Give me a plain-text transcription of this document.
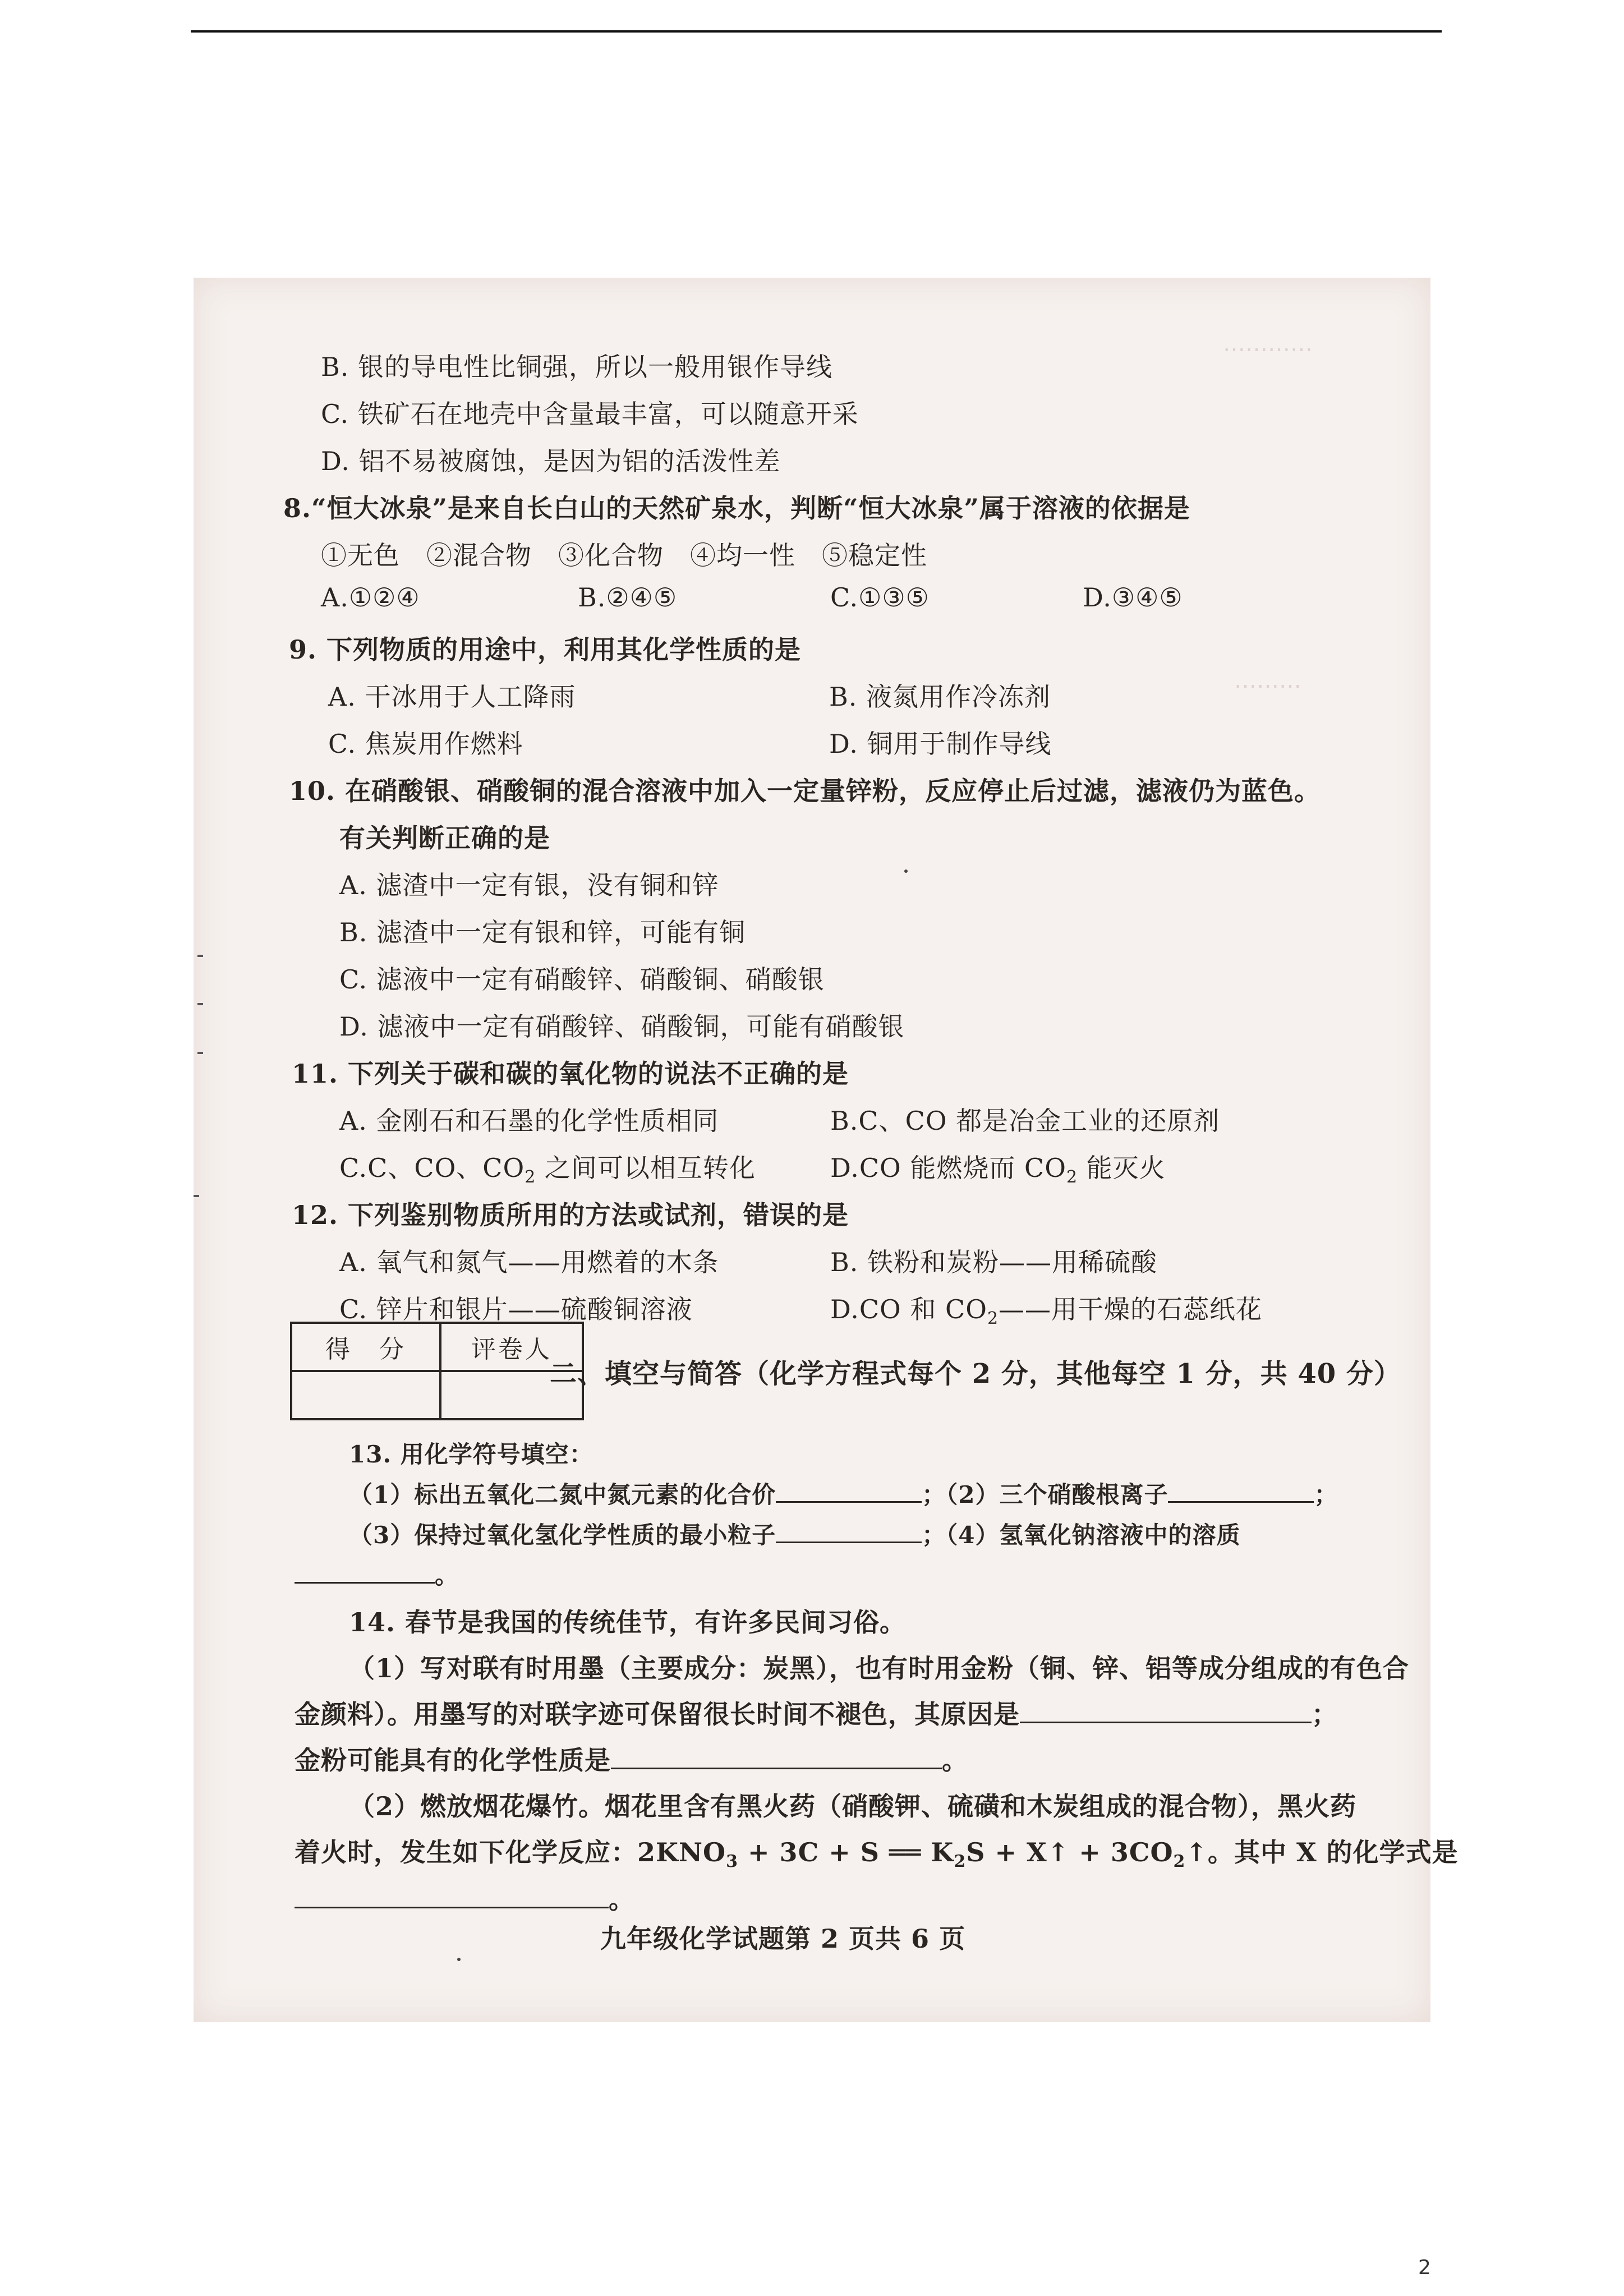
⋯⋯⋯⋯
⋯⋯⋯
B. 银的导电性比铜强，所以一般用银作导线
C. 铁矿石在地壳中含量最丰富，可以随意开采
D. 铝不易被腐蚀，是因为铝的活泼性差
8.“恒大冰泉”是来自长白山的天然矿泉水，判断“恒大冰泉”属于溶液的依据是
①无色　②混合物　③化合物　④均一性　⑤稳定性
A.①②④	B.②④⑤	C.①③⑤	D.③④⑤
9. 下列物质的用途中，利用其化学性质的是
A. 干冰用于人工降雨	B. 液氮用作冷冻剂
C. 焦炭用作燃料	D. 铜用于制作导线
10. 在硝酸银、硝酸铜的混合溶液中加入一定量锌粉，反应停止后过滤，滤液仍为蓝色。
有关判断正确的是
A. 滤渣中一定有银，没有铜和锌
B. 滤渣中一定有银和锌，可能有铜
C. 滤液中一定有硝酸锌、硝酸铜、硝酸银
D. 滤液中一定有硝酸锌、硝酸铜，可能有硝酸银
11. 下列关于碳和碳的氧化物的说法不正确的是
A. 金刚石和石墨的化学性质相同	B.C、CO 都是冶金工业的还原剂
C.C、CO、$CO_2$ 之间可以相互转化	D.CO 能燃烧而 $CO_2$ 能灭火
12. 下列鉴别物质所用的方法或试剂，错误的是
A. 氧气和氮气——用燃着的木条	B. 铁粉和炭粉——用稀硫酸
C. 锌片和银片——硫酸铜溶液	D.CO 和 $CO_2——$用干燥的石蕊纸花
得　分	评卷人

二、填空与简答（化学方程式每个 2 分，其他每空 1 分，共 40 分）
13. 用化学符号填空：
（1）标出五氧化二氮中氮元素的化合价	；（2）三个硝酸根离子	；
（3）保持过氧化氢化学性质的最小粒子	；（4）氢氧化钠溶液中的溶质
。
14. 春节是我国的传统佳节，有许多民间习俗。
（1）写对联有时用墨（主要成分：炭黑），也有时用金粉（铜、锌、铝等成分组成的有色合
金颜料）。用墨写的对联字迹可保留很长时间不褪色，其原因是	；
金粉可能具有的化学性质是	。
（2）燃放烟花爆竹。烟花里含有黑火药（硝酸钾、硫磺和木炭组成的混合物），黑火药
着火时，发生如下化学反应：$2KNO_3 + 3C + S$ ══ $K_2S$ + X↑ + $3CO_2↑$。其中 X 的化学式是
。
九年级化学试题第 2 页共 6 页
2
